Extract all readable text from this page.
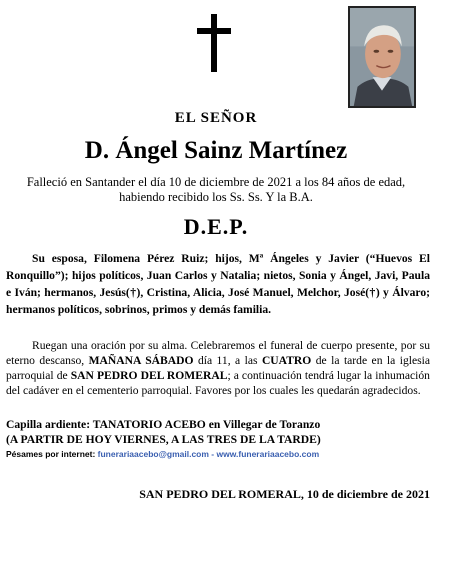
EL SEÑOR
D. Ángel Sainz Martínez
Falleció en Santander el día 10 de diciembre de 2021 a los 84 años de edad,
habiendo recibido los Ss. Ss. Y la B.A.
D.E.P.
Su esposa, Filomena Pérez Ruiz; hijos, Mª Ángeles y Javier (“Huevos El Ronquillo”); hijos políticos, Juan Carlos y Natalia; nietos, Sonia y Ángel, Javi, Paula e Iván; hermanos, Jesús(†), Cristina, Alicia, José Manuel, Melchor, José(†) y Álvaro; hermanos políticos, sobrinos, primos y demás familia.
Ruegan una oración por su alma. Celebraremos el funeral de cuerpo presente, por su eterno descanso, MAÑANA SÁBADO día 11, a las CUATRO de la tarde en la iglesia parroquial de SAN PEDRO DEL ROMERAL; a continuación tendrá lugar la inhumación del cadáver en el cementerio parroquial. Favores por los cuales les quedarán agradecidos.
Capilla ardiente: TANATORIO ACEBO en Villegar de Toranzo
(A PARTIR DE HOY VIERNES, A LAS TRES DE LA TARDE)
Pésames por internet: funerariaacebo@gmail.com - www.funerariaacebo.com
SAN PEDRO DEL ROMERAL, 10 de diciembre de 2021
